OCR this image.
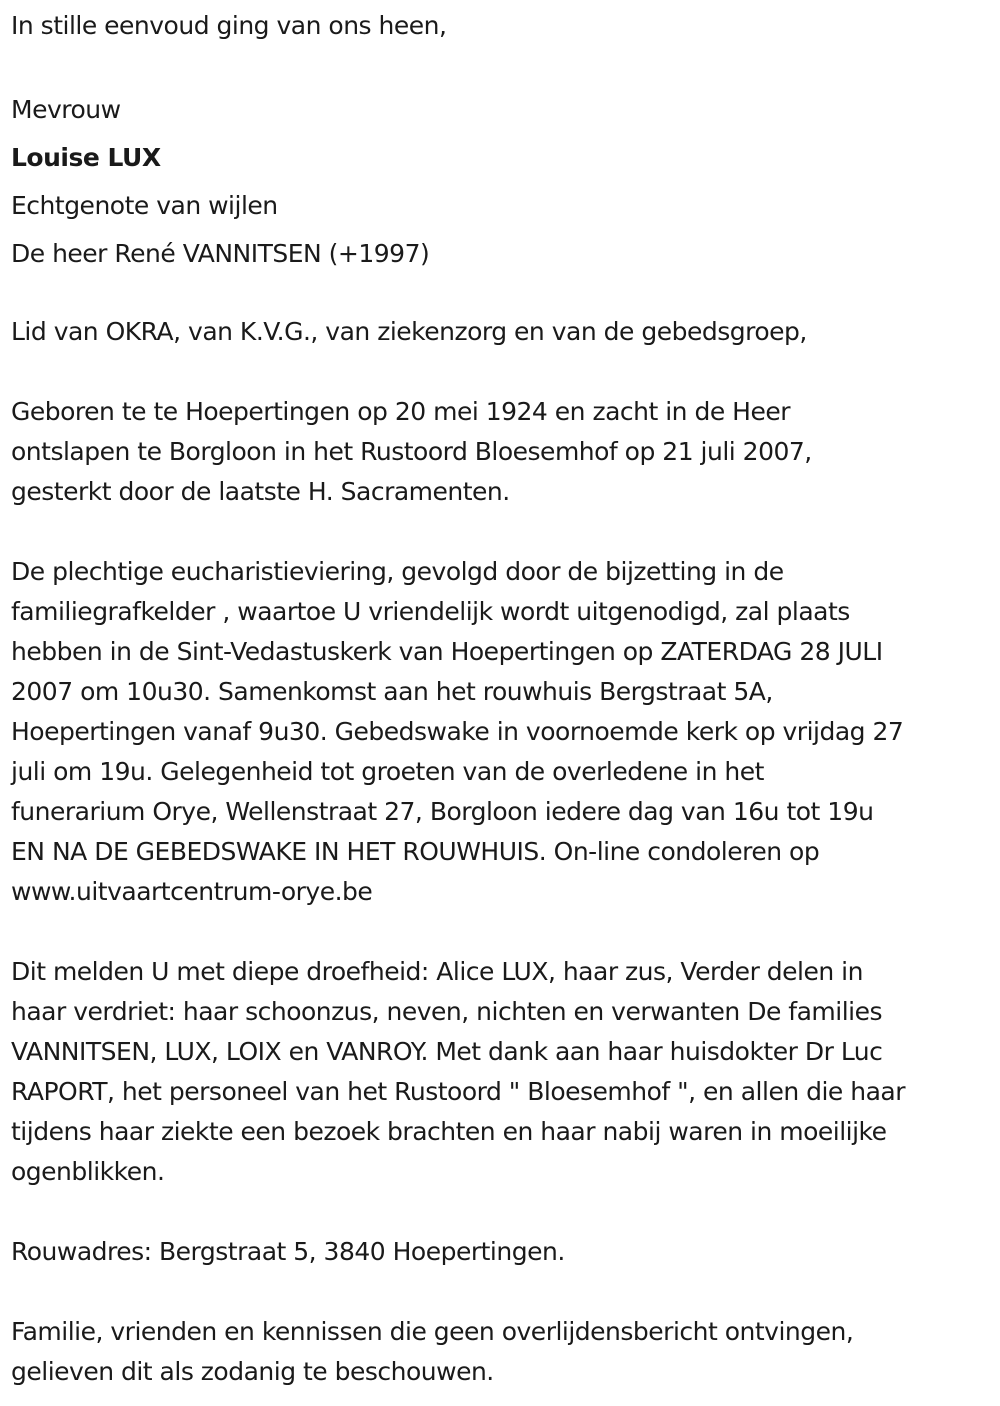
In stille eenvoud ging van ons heen,
Mevrouw
Louise LUX
Echtgenote van wijlen
De heer René VANNITSEN (+1997)
Lid van OKRA, van K.V.G., van ziekenzorg en van de gebedsgroep,
Geboren te te Hoepertingen op 20 mei 1924 en zacht in de Heer
ontslapen te Borgloon in het Rustoord Bloesemhof op 21 juli 2007,
gesterkt door de laatste H. Sacramenten.
De plechtige eucharistieviering, gevolgd door de bijzetting in de
familiegrafkelder , waartoe U vriendelijk wordt uitgenodigd, zal plaats
hebben in de Sint-Vedastuskerk van Hoepertingen op ZATERDAG 28 JULI
2007 om 10u30. Samenkomst aan het rouwhuis Bergstraat 5A,
Hoepertingen vanaf 9u30. Gebedswake in voornoemde kerk op vrijdag 27
juli om 19u. Gelegenheid tot groeten van de overledene in het
funerarium Orye, Wellenstraat 27, Borgloon iedere dag van 16u tot 19u
EN NA DE GEBEDSWAKE IN HET ROUWHUIS. On-line condoleren op
www.uitvaartcentrum-orye.be
Dit melden U met diepe droefheid: Alice LUX, haar zus, Verder delen in
haar verdriet: haar schoonzus, neven, nichten en verwanten De families
VANNITSEN, LUX, LOIX en VANROY. Met dank aan haar huisdokter Dr Luc
RAPORT, het personeel van het Rustoord " Bloesemhof ", en allen die haar
tijdens haar ziekte een bezoek brachten en haar nabij waren in moeilijke
ogenblikken.
Rouwadres: Bergstraat 5, 3840 Hoepertingen.
Familie, vrienden en kennissen die geen overlijdensbericht ontvingen,
gelieven dit als zodanig te beschouwen.
